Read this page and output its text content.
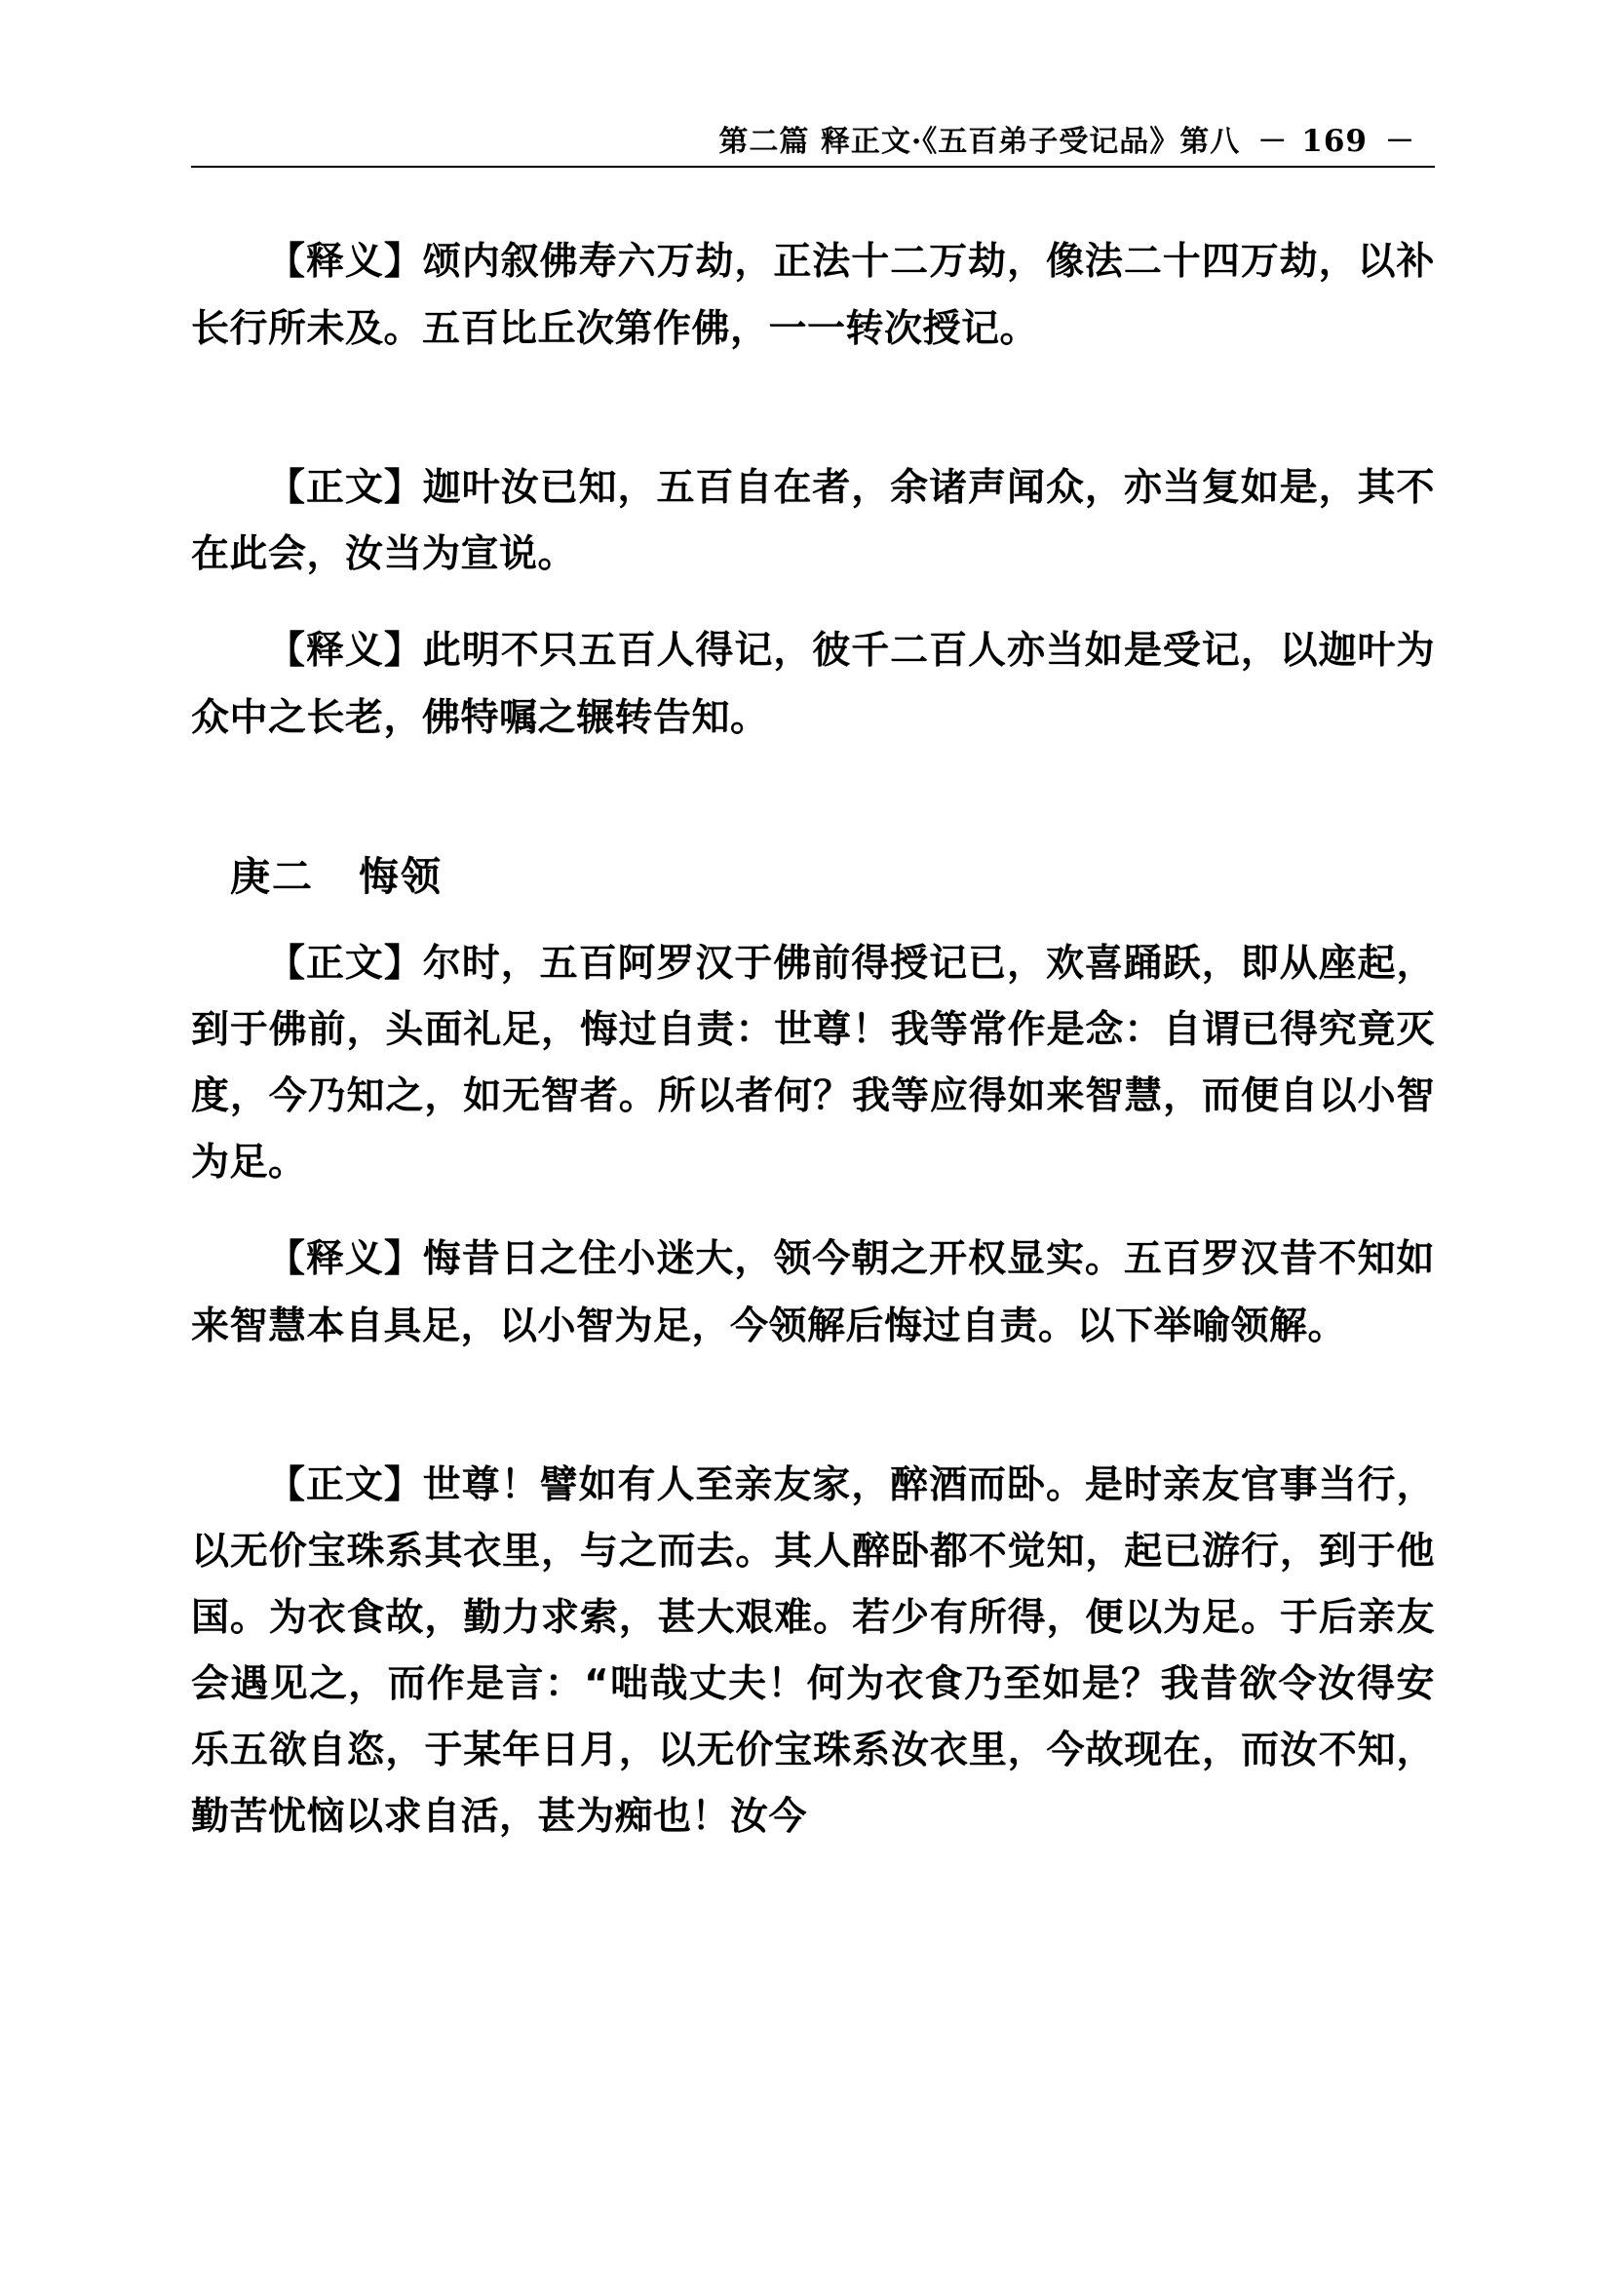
第二篇 释正文·《五百弟子受记品》第八 － 169 －

【释义】颂内叙佛寿六万劫，正法十二万劫，像法二十四万劫，以补长行所未及。五百比丘次第作佛，一一转次授记。

【正文】迦叶汝已知，五百自在者，余诸声闻众，亦当复如是，其不在此会，汝当为宣说。

【释义】此明不只五百人得记，彼千二百人亦当如是受记，以迦叶为众中之长老，佛特嘱之辗转告知。

庚二 悔领

【正文】尔时，五百阿罗汉于佛前得授记已，欢喜踊跃，即从座起，到于佛前，头面礼足，悔过自责：世尊！我等常作是念：自谓已得究竟灭度，今乃知之，如无智者。所以者何？我等应得如来智慧，而便自以小智为足。

【释义】悔昔日之住小迷大，领今朝之开权显实。五百罗汉昔不知如来智慧本自具足，以小智为足，今领解后悔过自责。以下举喻领解。

【正文】世尊！譬如有人至亲友家，醉酒而卧。是时亲友官事当行，以无价宝珠系其衣里，与之而去。其人醉卧都不觉知，起已游行，到于他国。为衣食故，勤力求索，甚大艰难。若少有所得，便以为足。于后亲友会遇见之，而作是言：“咄哉丈夫！何为衣食乃至如是？我昔欲令汝得安乐五欲自恣，于某年日月，以无价宝珠系汝衣里，今故现在，而汝不知，勤苦忧恼以求自活，甚为痴也！汝今
